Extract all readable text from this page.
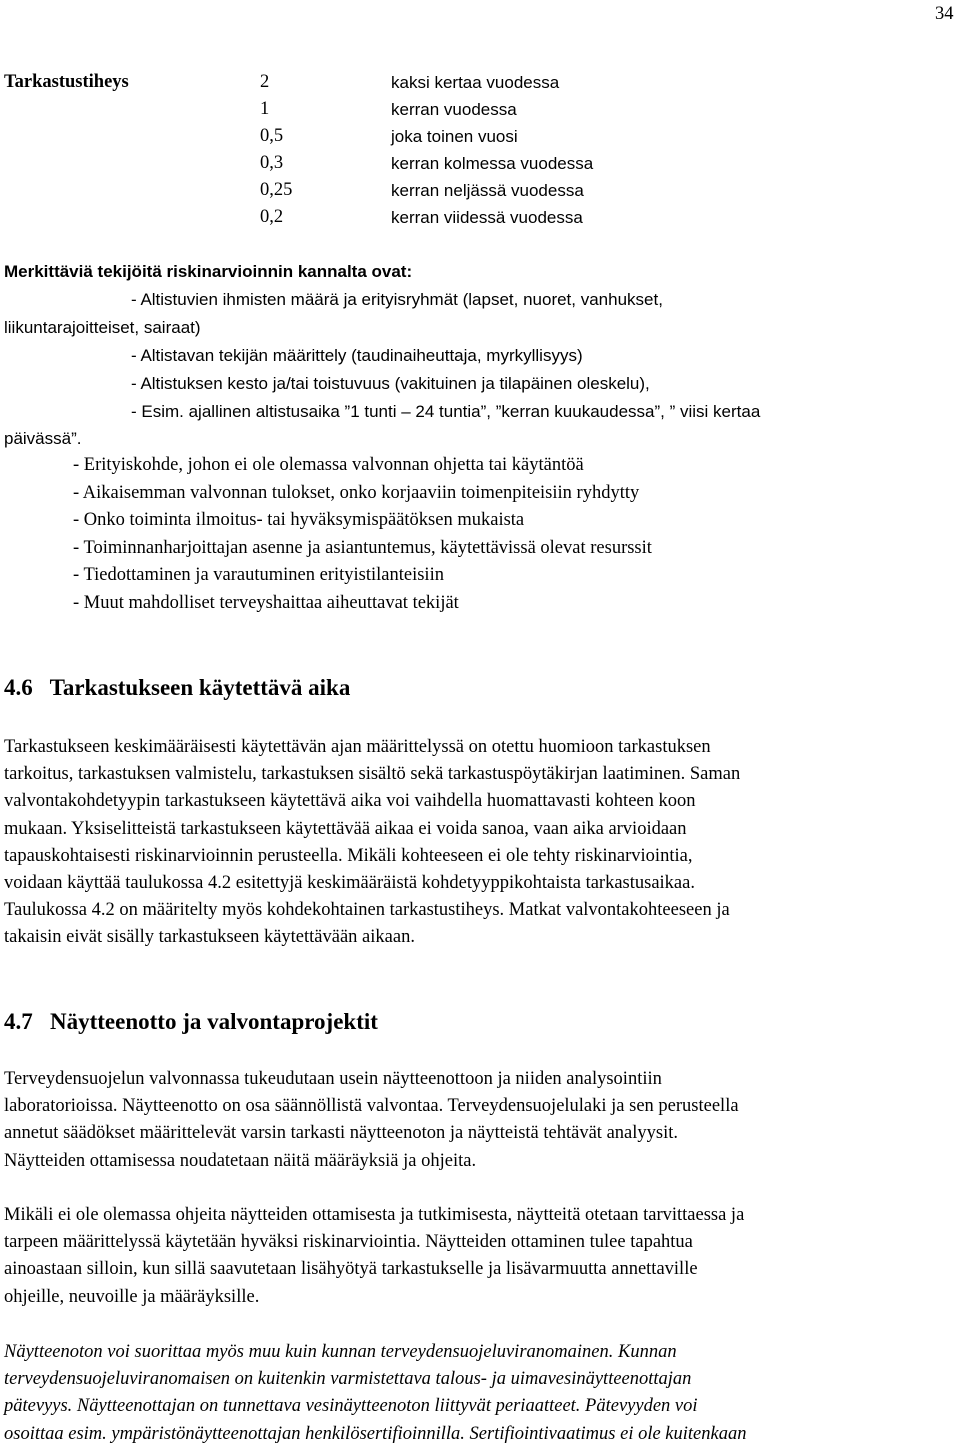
34
Tarkastustiheys	2	kaksi kertaa vuodessa
1	kerran vuodessa
0,5	joka toinen vuosi
0,3	kerran kolmessa vuodessa
0,25	kerran neljässä vuodessa
0,2	kerran viidessä vuodessa
Merkittäviä tekijöitä riskinarvioinnin kannalta ovat:
- Altistuvien ihmisten määrä ja erityisryhmät (lapset, nuoret, vanhukset,
liikuntarajoitteiset, sairaat)
- Altistavan tekijän määrittely (taudinaiheuttaja, myrkyllisyys)
- Altistuksen kesto ja/tai toistuvuus (vakituinen ja tilapäinen oleskelu),
- Esim. ajallinen altistusaika ”1 tunti – 24 tuntia”, ”kerran kuukaudessa”, ” viisi kertaa
päivässä”.
- Erityiskohde, johon ei ole olemassa valvonnan ohjetta tai käytäntöä
- Aikaisemman valvonnan tulokset, onko korjaaviin toimenpiteisiin ryhdytty
- Onko toiminta ilmoitus- tai hyväksymispäätöksen mukaista
- Toiminnanharjoittajan asenne ja asiantuntemus, käytettävissä olevat resurssit
- Tiedottaminen ja varautuminen erityistilanteisiin
- Muut mahdolliset terveyshaittaa aiheuttavat tekijät
4.6   Tarkastukseen käytettävä aika
Tarkastukseen keskimääräisesti käytettävän ajan määrittelyssä on otettu huomioon tarkastuksen
tarkoitus, tarkastuksen valmistelu, tarkastuksen sisältö sekä tarkastuspöytäkirjan laatiminen. Saman
valvontakohdetyypin tarkastukseen käytettävä aika voi vaihdella huomattavasti kohteen koon
mukaan. Yksiselitteistä tarkastukseen käytettävää aikaa ei voida sanoa, vaan aika arvioidaan
tapauskohtaisesti riskinarvioinnin perusteella. Mikäli kohteeseen ei ole tehty riskinarviointia,
voidaan käyttää taulukossa 4.2 esitettyjä keskimääräistä kohdetyyppikohtaista tarkastusaikaa.
Taulukossa 4.2 on määritelty myös kohdekohtainen tarkastustiheys. Matkat valvontakohteeseen ja
takaisin eivät sisälly tarkastukseen käytettävään aikaan.
4.7   Näytteenotto ja valvontaprojektit
Terveydensuojelun valvonnassa tukeudutaan usein näytteenottoon ja niiden analysointiin
laboratorioissa. Näytteenotto on osa säännöllistä valvontaa. Terveydensuojelulaki ja sen perusteella
annetut säädökset määrittelevät varsin tarkasti näytteenoton ja näytteistä tehtävät analyysit.
Näytteiden ottamisessa noudatetaan näitä määräyksiä ja ohjeita.
Mikäli ei ole olemassa ohjeita näytteiden ottamisesta ja tutkimisesta, näytteitä otetaan tarvittaessa ja
tarpeen määrittelyssä käytetään hyväksi riskinarviointia. Näytteiden ottaminen tulee tapahtua
ainoastaan silloin, kun sillä saavutetaan lisähyötyä tarkastukselle ja lisävarmuutta annettaville
ohjeille, neuvoille ja määräyksille.
Näytteenoton voi suorittaa myös muu kuin kunnan terveydensuojeluviranomainen. Kunnan
terveydensuojeluviranomaisen on kuitenkin varmistettava talous- ja uimavesinäytteenottajan
pätevyys. Näytteenottajan on tunnettava vesinäytteenoton liittyvät periaatteet. Pätevyyden voi
osoittaa esim. ympäristönäytteenottajan henkilösertifioinnilla. Sertifiointivaatimus ei ole kuitenkaan
